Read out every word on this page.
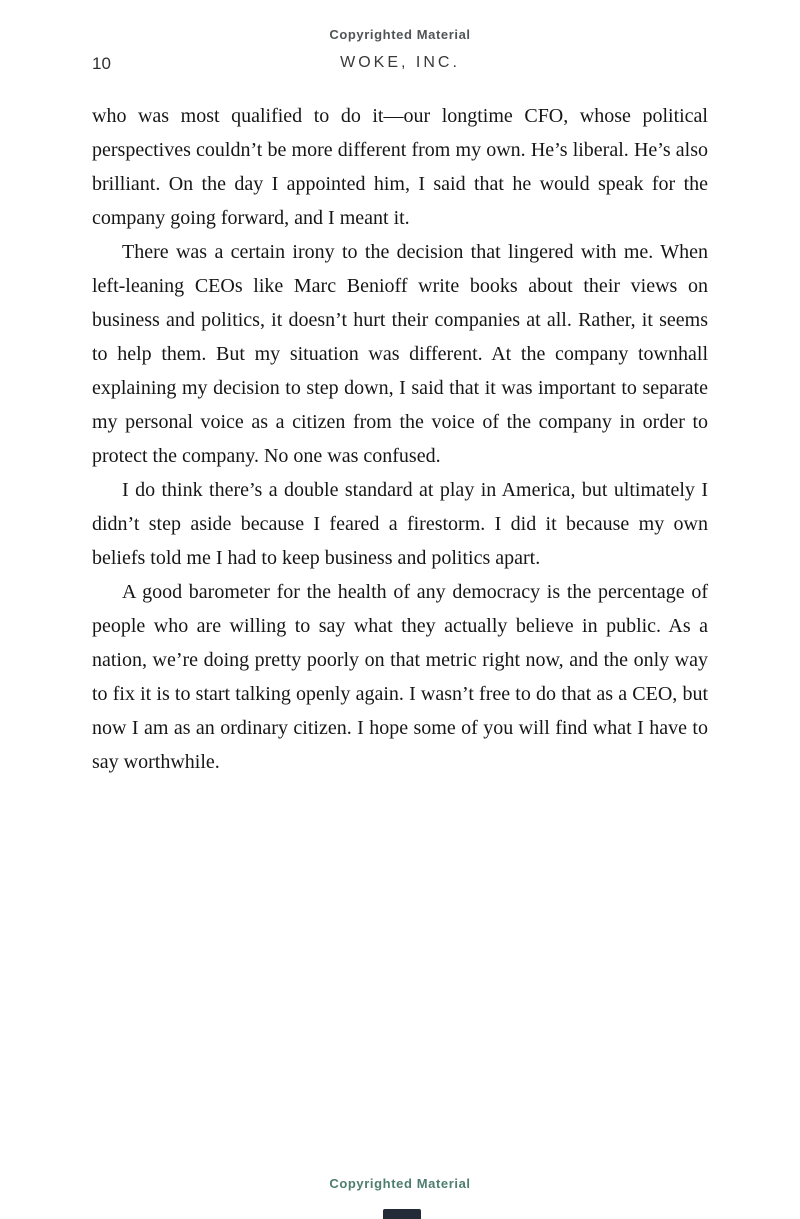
Copyrighted Material
10	WOKE, INC.

who was most qualified to do it—our longtime CFO, whose political perspectives couldn’t be more different from my own. He’s liberal. He’s also brilliant. On the day I appointed him, I said that he would speak for the company going forward, and I meant it.

There was a certain irony to the decision that lingered with me. When left-leaning CEOs like Marc Benioff write books about their views on business and politics, it doesn’t hurt their companies at all. Rather, it seems to help them. But my situation was different. At the company townhall explaining my decision to step down, I said that it was important to separate my personal voice as a citizen from the voice of the company in order to protect the company. No one was confused.

I do think there’s a double standard at play in America, but ultimately I didn’t step aside because I feared a firestorm. I did it because my own beliefs told me I had to keep business and politics apart.

A good barometer for the health of any democracy is the percentage of people who are willing to say what they actually believe in public. As a nation, we’re doing pretty poorly on that metric right now, and the only way to fix it is to start talking openly again. I wasn’t free to do that as a CEO, but now I am as an ordinary citizen. I hope some of you will find what I have to say worthwhile.

Copyrighted Material
